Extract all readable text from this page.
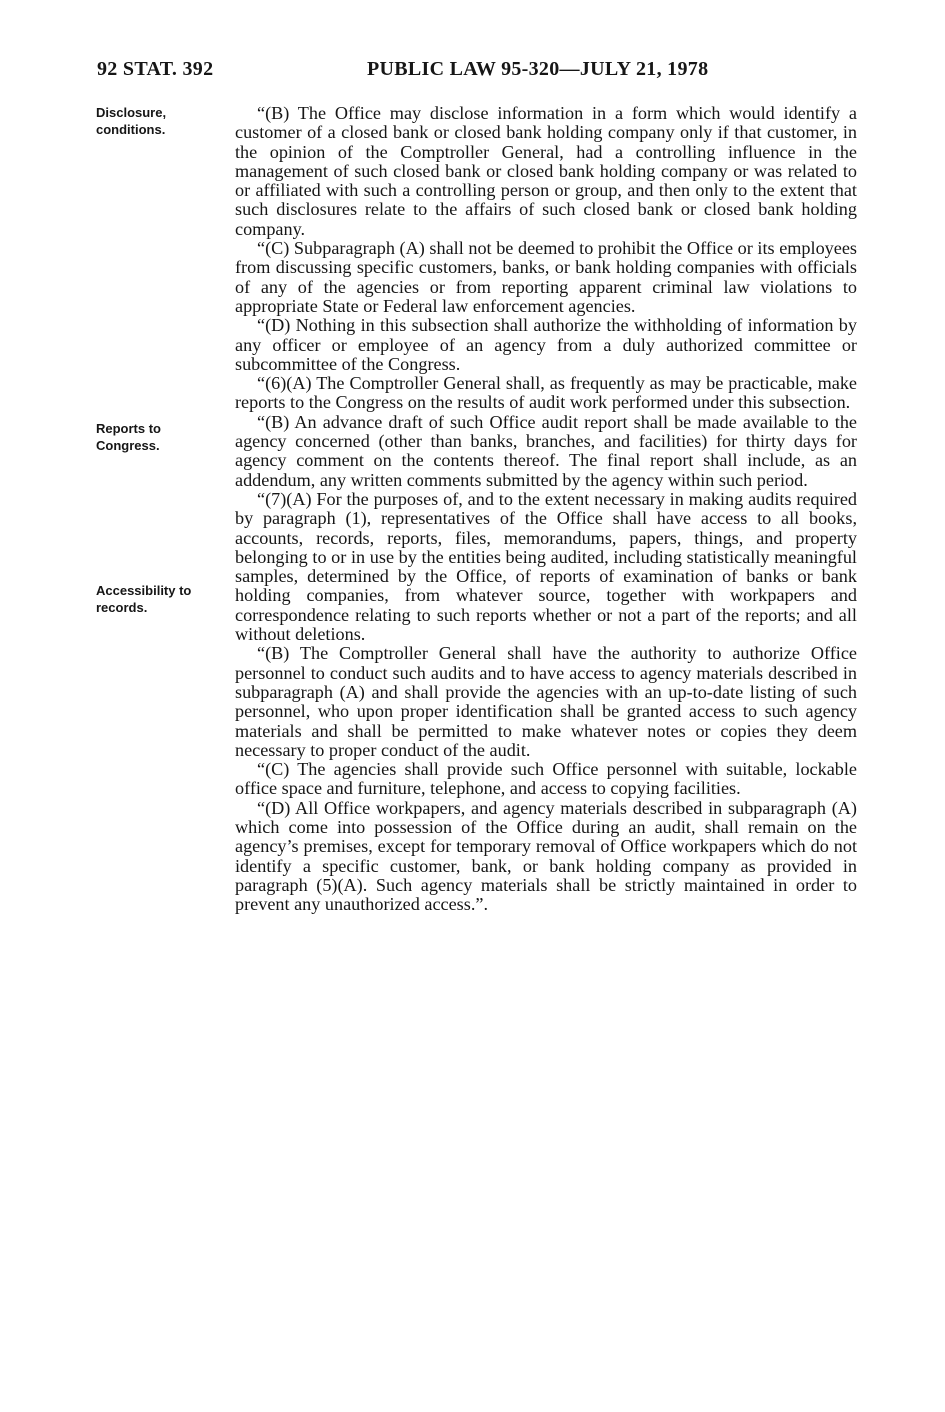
92 STAT. 392	PUBLIC LAW 95-320—JULY 21, 1978
Disclosure,
conditions.
Reports to
Congress.
Accessibility to
records.

“(B) The Office may disclose information in a form which would identify a customer of a closed bank or closed bank holding company only if that customer, in the opinion of the Comptroller General, had a controlling influence in the management of such closed bank or closed bank holding company or was related to or affiliated with such a controlling person or group, and then only to the extent that such disclosures relate to the affairs of such closed bank or closed bank holding company.

“(C) Subparagraph (A) shall not be deemed to prohibit the Office or its employees from discussing specific customers, banks, or bank holding companies with officials of any of the agencies or from reporting apparent criminal law violations to appropriate State or Federal law enforcement agencies.

“(D) Nothing in this subsection shall authorize the withholding of information by any officer or employee of an agency from a duly authorized committee or subcommittee of the Congress.

“(6)(A) The Comptroller General shall, as frequently as may be practicable, make reports to the Congress on the results of audit work performed under this subsection.

“(B) An advance draft of such Office audit report shall be made available to the agency concerned (other than banks, branches, and facilities) for thirty days for agency comment on the contents thereof. The final report shall include, as an addendum, any written comments submitted by the agency within such period.

“(7)(A) For the purposes of, and to the extent necessary in making audits required by paragraph (1), representatives of the Office shall have access to all books, accounts, records, reports, files, memorandums, papers, things, and property belonging to or in use by the entities being audited, including statistically meaningful samples, determined by the Office, of reports of examination of banks or bank holding companies, from whatever source, together with workpapers and correspondence relating to such reports whether or not a part of the reports; and all without deletions.

“(B) The Comptroller General shall have the authority to authorize Office personnel to conduct such audits and to have access to agency materials described in subparagraph (A) and shall provide the agencies with an up-to-date listing of such personnel, who upon proper identification shall be granted access to such agency materials and shall be permitted to make whatever notes or copies they deem necessary to proper conduct of the audit.

“(C) The agencies shall provide such Office personnel with suitable, lockable office space and furniture, telephone, and access to copying facilities.

“(D) All Office workpapers, and agency materials described in subparagraph (A) which come into possession of the Office during an audit, shall remain on the agency’s premises, except for temporary removal of Office workpapers which do not identify a specific customer, bank, or bank holding company as provided in paragraph (5)(A). Such agency materials shall be strictly maintained in order to prevent any unauthorized access.”.
